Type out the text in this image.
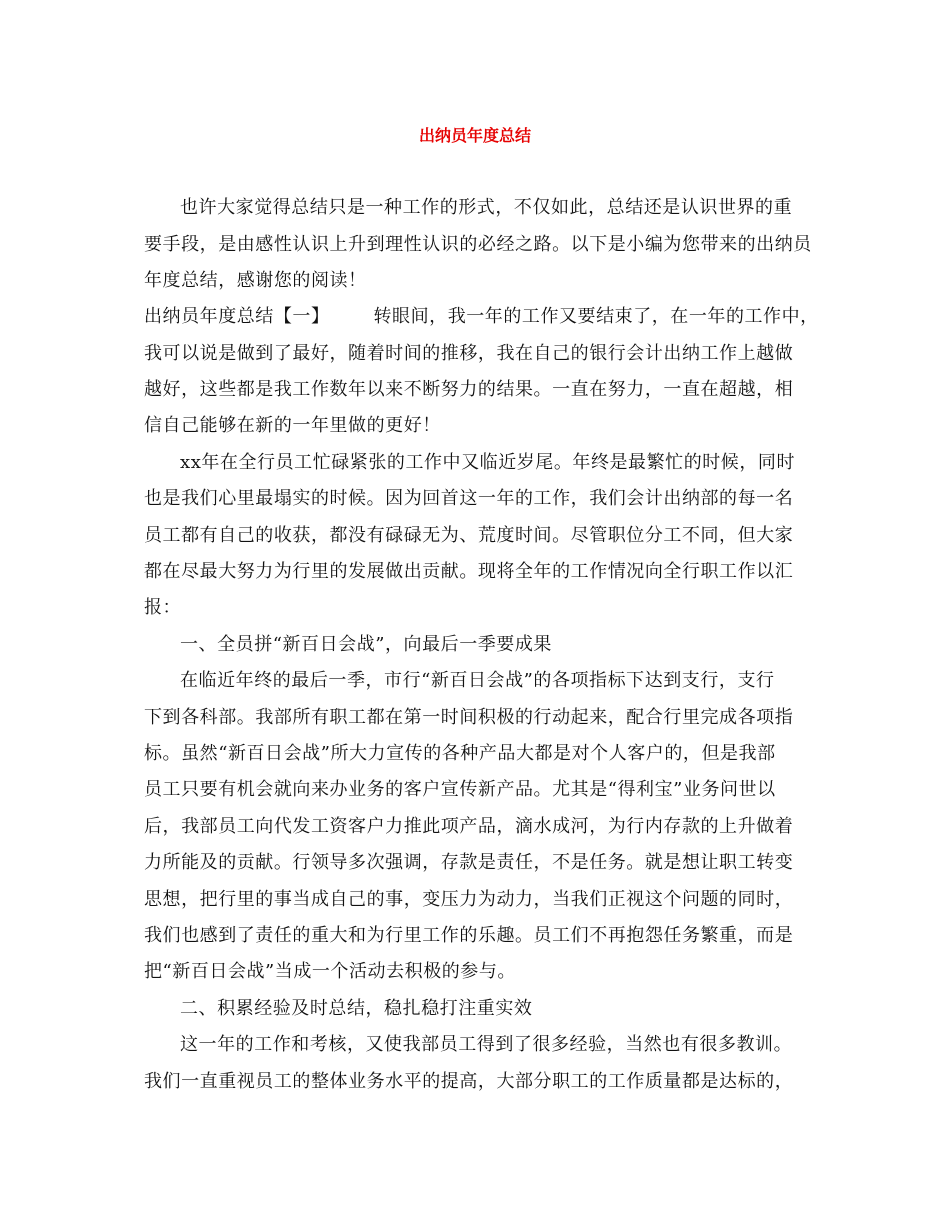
出纳员年度总结
也许大家觉得总结只是一种工作的形式，不仅如此，总结还是认识世界的重
要手段，是由感性认识上升到理性认识的必经之路。以下是小编为您带来的出纳员
年度总结，感谢您的阅读！
出纳员年度总结【一】 转眼间，我一年的工作又要结束了，在一年的工作中，
我可以说是做到了最好，随着时间的推移，我在自己的银行会计出纳工作上越做
越好，这些都是我工作数年以来不断努力的结果。一直在努力，一直在超越，相
信自己能够在新的一年里做的更好！
xx年在全行员工忙碌紧张的工作中又临近岁尾。年终是最繁忙的时候，同时
也是我们心里最塌实的时候。因为回首这一年的工作，我们会计出纳部的每一名
员工都有自己的收获，都没有碌碌无为、荒度时间。尽管职位分工不同，但大家
都在尽最大努力为行里的发展做出贡献。现将全年的工作情况向全行职工作以汇
报：
一、全员拼“新百日会战”，向最后一季要成果
在临近年终的最后一季，市行“新百日会战”的各项指标下达到支行，支行
下到各科部。我部所有职工都在第一时间积极的行动起来，配合行里完成各项指
标。虽然“新百日会战”所大力宣传的各种产品大都是对个人客户的，但是我部
员工只要有机会就向来办业务的客户宣传新产品。尤其是“得利宝”业务问世以
后，我部员工向代发工资客户力推此项产品，滴水成河，为行内存款的上升做着
力所能及的贡献。行领导多次强调，存款是责任，不是任务。就是想让职工转变
思想，把行里的事当成自己的事，变压力为动力，当我们正视这个问题的同时，
我们也感到了责任的重大和为行里工作的乐趣。员工们不再抱怨任务繁重，而是
把“新百日会战”当成一个活动去积极的参与。
二、积累经验及时总结，稳扎稳打注重实效
这一年的工作和考核，又使我部员工得到了很多经验，当然也有很多教训。
我们一直重视员工的整体业务水平的提高，大部分职工的工作质量都是达标的，
